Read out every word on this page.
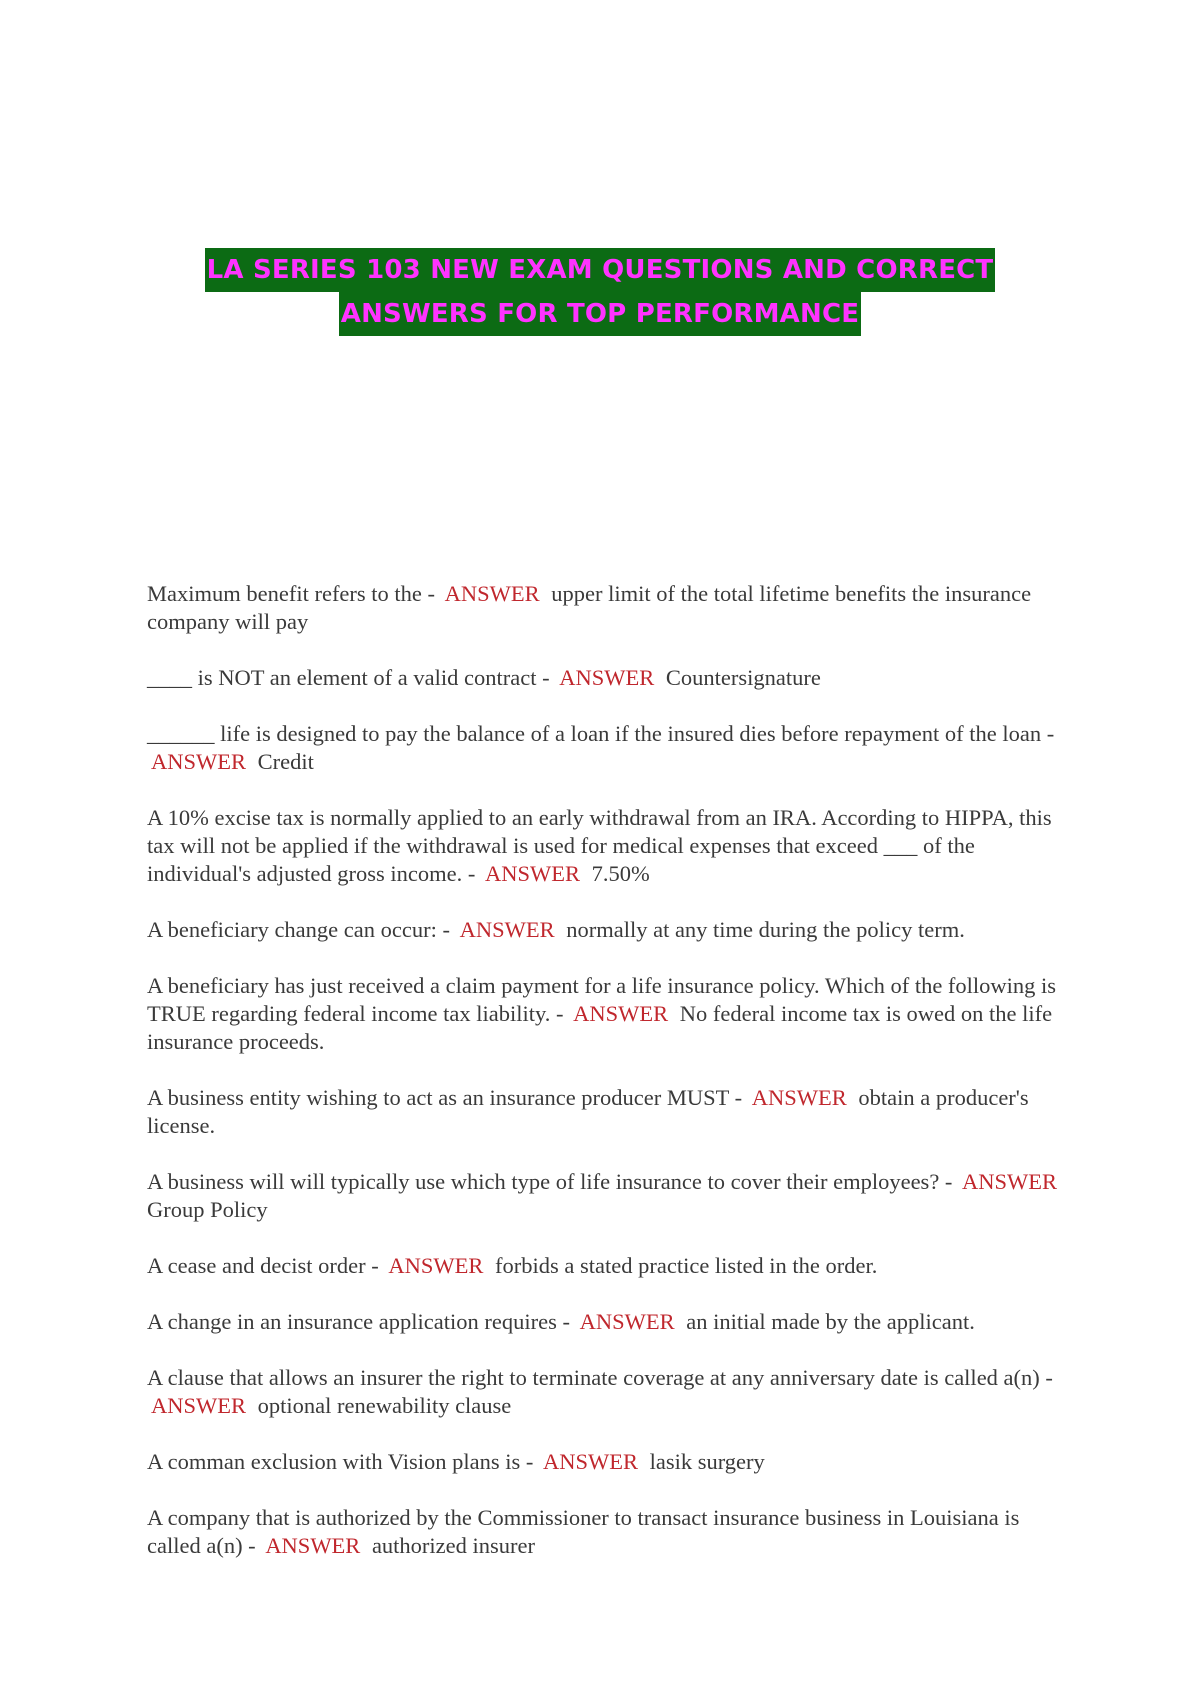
LA SERIES 103 NEW EXAM QUESTIONS AND CORRECT
ANSWERS FOR TOP PERFORMANCE

Maximum benefit refers to the - ANSWER upper limit of the total lifetime benefits the insurance company will pay

____ is NOT an element of a valid contract - ANSWER Countersignature

______ life is designed to pay the balance of a loan if the insured dies before repayment of the loan - ANSWER Credit

A 10% excise tax is normally applied to an early withdrawal from an IRA. According to HIPPA, this tax will not be applied if the withdrawal is used for medical expenses that exceed ___ of the individual's adjusted gross income. - ANSWER 7.50%

A beneficiary change can occur: - ANSWER normally at any time during the policy term.

A beneficiary has just received a claim payment for a life insurance policy. Which of the following is TRUE regarding federal income tax liability. - ANSWER No federal income tax is owed on the life insurance proceeds.

A business entity wishing to act as an insurance producer MUST - ANSWER obtain a producer's license.

A business will will typically use which type of life insurance to cover their employees? - ANSWER Group Policy

A cease and decist order - ANSWER forbids a stated practice listed in the order.

A change in an insurance application requires - ANSWER an initial made by the applicant.

A clause that allows an insurer the right to terminate coverage at any anniversary date is called a(n) - ANSWER optional renewability clause

A comman exclusion with Vision plans is - ANSWER lasik surgery

A company that is authorized by the Commissioner to transact insurance business in Louisiana is called a(n) - ANSWER authorized insurer
